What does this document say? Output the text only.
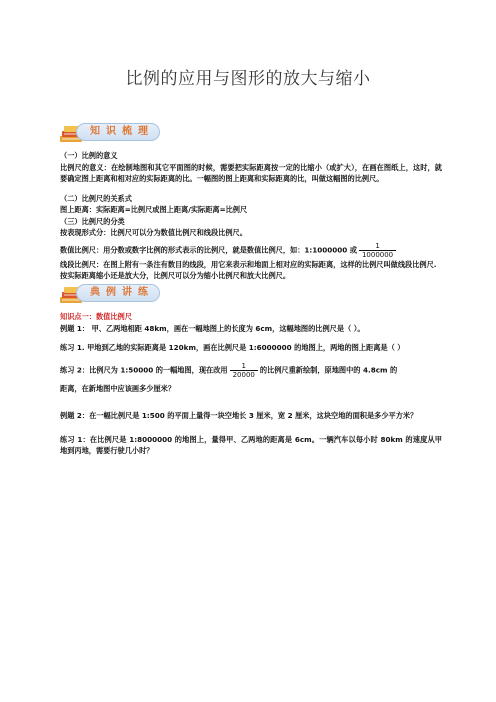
比例的应用与图形的放大与缩小
知识梳理
（一）比例的意义
比例尺的意义：在绘制地图和其它平面图的时候，需要把实际距离按一定的比缩小（或扩大），在画在图纸上，这时，就要确定图上距离和相对应的实际距离的比。一幅图的图上距离和实际距离的比，叫做这幅图的比例尺。
（二）比例尺的关系式
图上距离：实际距离=比例尺或图上距离/实际距离=比例尺
（三）比例尺的分类
按表现形式分：比例尺可以分为数值比例尺和线段比例尺。
数值比例尺：用分数或数字比例的形式表示的比例尺，就是数值比例尺，如：1:1000000 或 $\frac{1}{1000000}$
线段比例尺：在图上附有一条注有数目的线段，用它来表示和地面上相对应的实际距离，这样的比例尺叫做线段比例尺.
按实际距离缩小还是放大分，比例尺可以分为缩小比例尺和放大比例尺。
典例讲练
知识点一：数值比例尺
例题 1： 甲、乙两地相距 48km，画在一幅地图上的长度为 6cm，这幅地图的比例尺是（ ）。
练习 1. 甲地到乙地的实际距离是 120km，画在比例尺是 1:6000000 的地图上，两地的图上距离是（ ）
练习 2：比例尺为 1:50000 的一幅地图，现在改用 $\frac{1}{20000}$ 的比例尺重新绘制，原地图中的 4.8cm 的
距离，在新地图中应该画多少厘米？
例题 2：在一幅比例尺是 1:500 的平面上量得一块空地长 3 厘米，宽 2 厘米，这块空地的面积是多少平方米？
练习 1：在比例尺是 1:8000000 的地图上，量得甲、乙两地的距离是 6cm。一辆汽车以每小时 80km 的速度从甲地到丙地，需要行驶几小时？
